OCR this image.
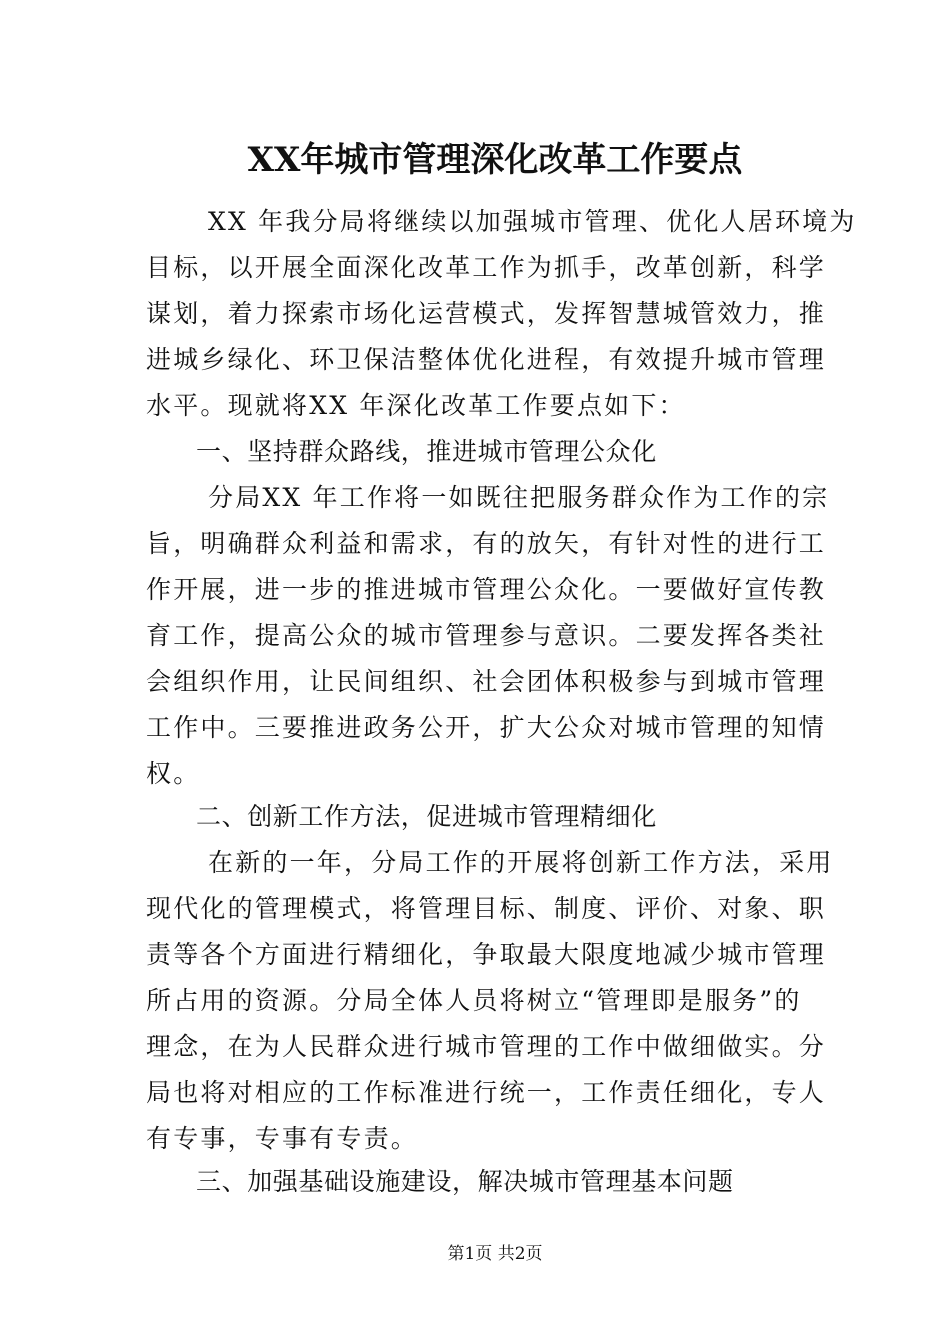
XX年城市管理深化改革工作要点
XX 年我分局将继续以加强城市管理、优化人居环境为
目标，以开展全面深化改革工作为抓手，改革创新，科学
谋划，着力探索市场化运营模式，发挥智慧城管效力，推
进城乡绿化、环卫保洁整体优化进程，有效提升城市管理
水平。现就将XX 年深化改革工作要点如下：
一、坚持群众路线，推进城市管理公众化
分局XX 年工作将一如既往把服务群众作为工作的宗
旨，明确群众利益和需求，有的放矢，有针对性的进行工
作开展，进一步的推进城市管理公众化。一要做好宣传教
育工作，提高公众的城市管理参与意识。二要发挥各类社
会组织作用，让民间组织、社会团体积极参与到城市管理
工作中。三要推进政务公开，扩大公众对城市管理的知情
权。
二、创新工作方法，促进城市管理精细化
在新的一年，分局工作的开展将创新工作方法，采用
现代化的管理模式，将管理目标、制度、评价、对象、职
责等各个方面进行精细化，争取最大限度地减少城市管理
所占用的资源。分局全体人员将树立“管理即是服务”的
理念，在为人民群众进行城市管理的工作中做细做实。分
局也将对相应的工作标准进行统一，工作责任细化，专人
有专事，专事有专责。
三、加强基础设施建设，解决城市管理基本问题
第1页 共2页
